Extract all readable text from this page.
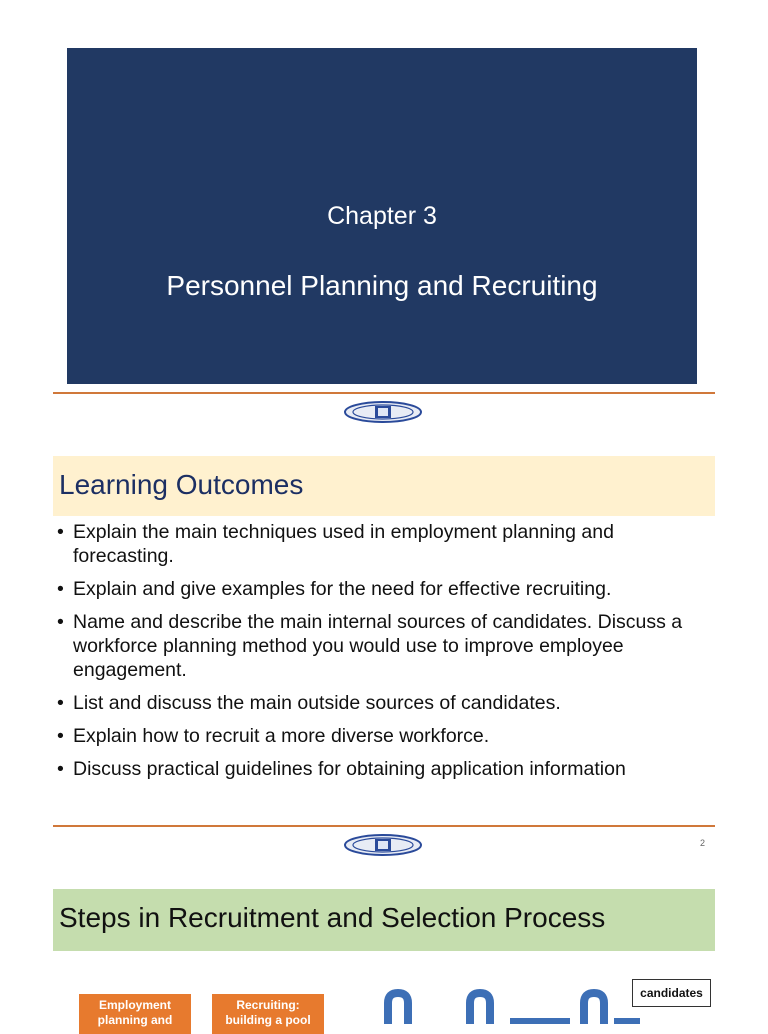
Chapter 3
Personnel Planning and Recruiting
Learning Outcomes
• Explain the main techniques used in employment planning and forecasting.
• Explain and give examples for the need for effective recruiting.
• Name and describe the main internal sources of candidates. Discuss a workforce planning method you would use to improve employee engagement.
• List and discuss the main outside sources of candidates.
• Explain how to recruit a more diverse workforce.
• Discuss practical guidelines for obtaining application information
2
Steps in Recruitment and Selection Process
Employment planning and
Recruiting: building a pool
candidates
